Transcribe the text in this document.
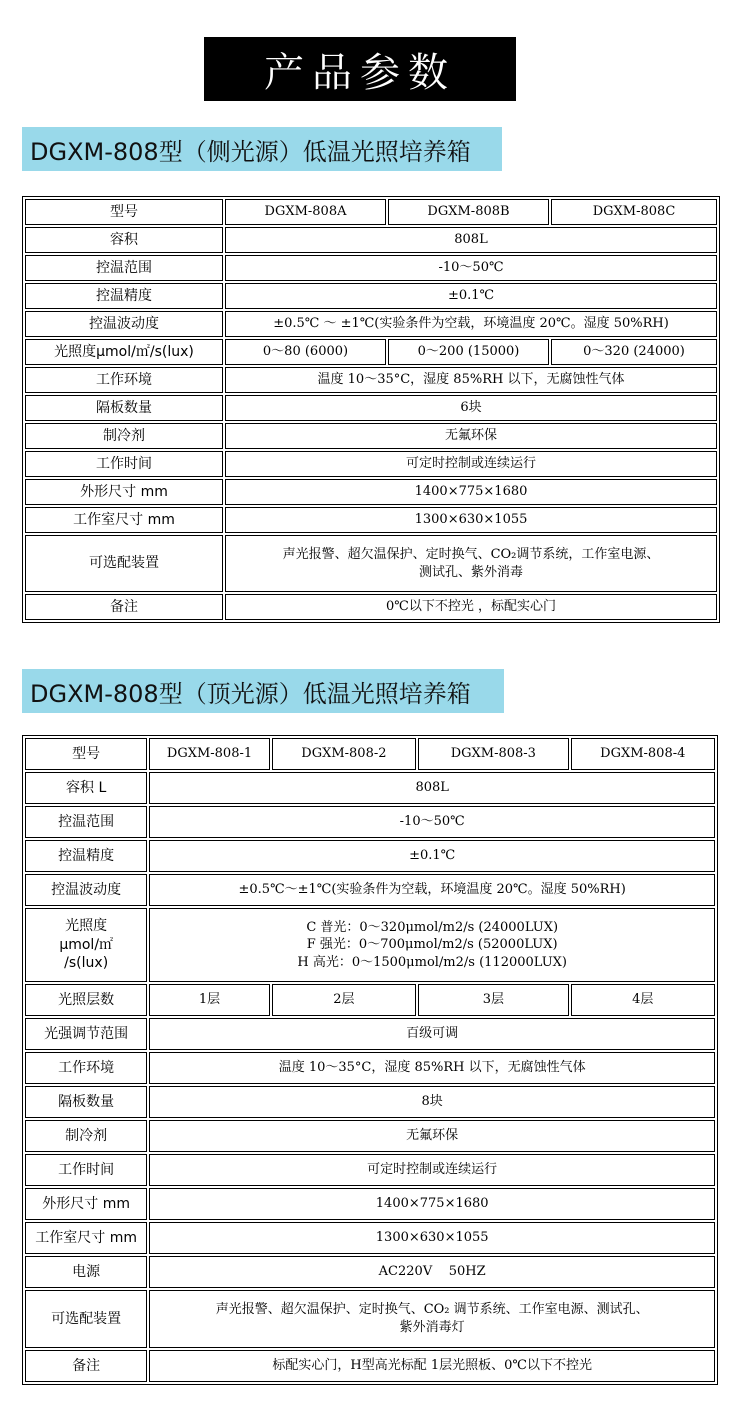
产品参数
DGXM-808型（侧光源）低温光照培养箱
型号	DGXM-808A	DGXM-808B	DGXM-808C
容积	808L		
控温范围	-10～50℃		
控温精度	±0.1℃		
控温波动度	±0.5℃ ～ ±1℃(实验条件为空载，环境温度 20℃。湿度 50%RH)		
光照度μmol/㎡/s(lux)	0～80 (6000)	0～200 (15000)	0～320 (24000)
工作环境	温度 10～35°C，湿度 85%RH 以下，无腐蚀性气体		
隔板数量	6块		
制冷剂	无氟环保		
工作时间	可定时控制或连续运行		
外形尺寸 mm	1400×775×1680		
工作室尺寸 mm	1300×630×1055		
可选配装置	声光报警、超欠温保护、定时换气、CO₂调节系统，工作室电源、
测试孔、紫外消毒		

备注	0℃以下不控光 ，标配实心门		
DGXM-808型（顶光源）低温光照培养箱
型号	DGXM-808-1	DGXM-808-2	DGXM-808-3	DGXM-808-4
容积 L	808L			
控温范围	-10～50℃			
控温精度	±0.1℃			
控温波动度	±0.5℃～±1℃(实验条件为空载，环境温度 20℃。湿度 50%RH)			

光照度
μmol/㎡
/s(lux)	C 普光：0～320μmol/m2/s (24000LUX)
F 强光：0～700μmol/m2/s (52000LUX)
H 高光：0～1500μmol/m2/s (112000LUX)			

光照层数	1层	2层	3层	4层
光强调节范围	百级可调			
工作环境	温度 10～35°C，湿度 85%RH 以下，无腐蚀性气体			
隔板数量	8块			
制冷剂	无氟环保			
工作时间	可定时控制或连续运行			
外形尺寸 mm	1400×775×1680			
工作室尺寸 mm	1300×630×1055			
电源	AC220V    50HZ			
可选配装置	声光报警、超欠温保护、定时换气、CO₂ 调节系统、工作室电源、测试孔、
紫外消毒灯			

备注	标配实心门，H型高光标配 1层光照板、0℃以下不控光			
